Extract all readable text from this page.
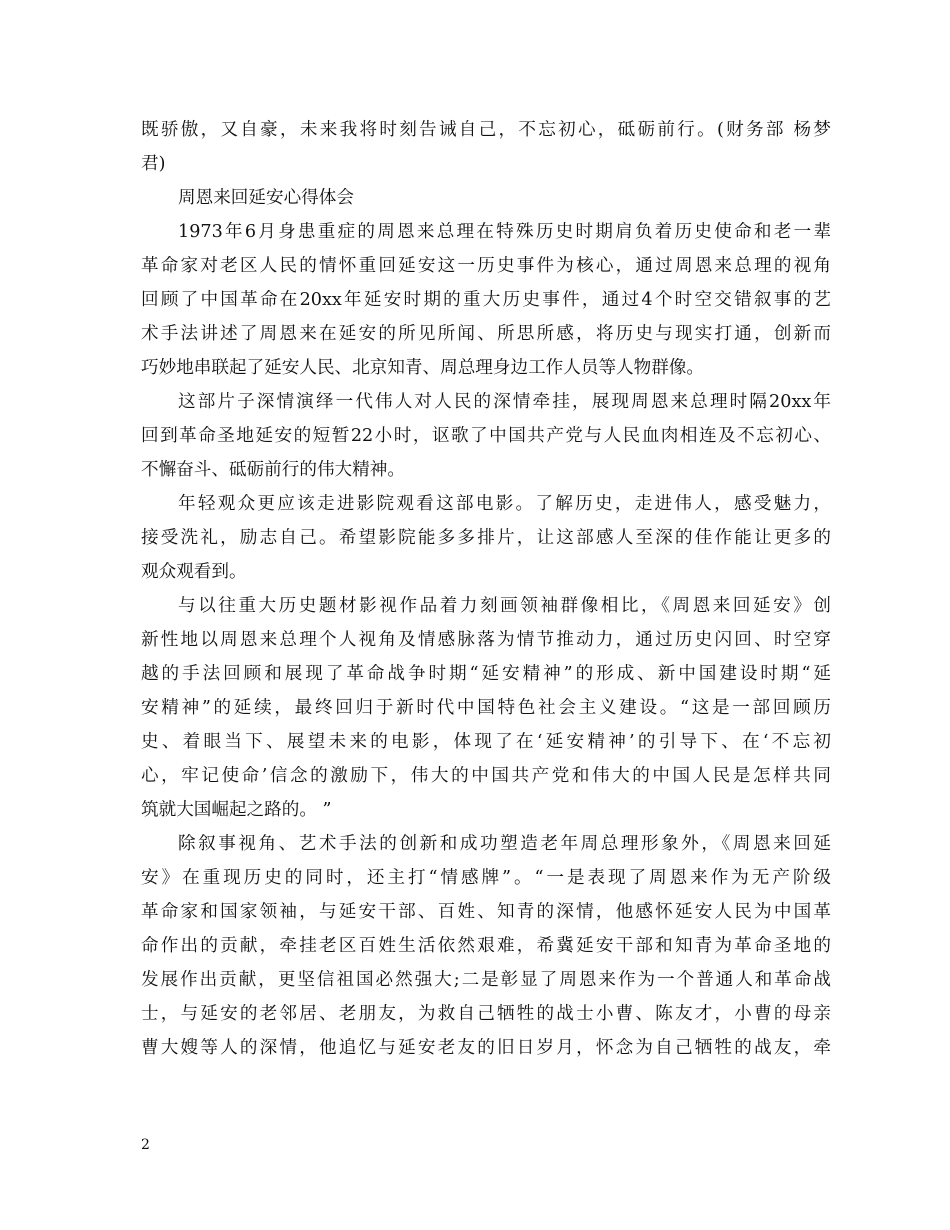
既骄傲，又自豪，未来我将时刻告诫自己，不忘初心，砥砺前行。(财务部 杨梦
君)
周恩来回延安心得体会
1973年6月身患重症的周恩来总理在特殊历史时期肩负着历史使命和老一辈
革命家对老区人民的情怀重回延安这一历史事件为核心，通过周恩来总理的视角
回顾了中国革命在20xx年延安时期的重大历史事件，通过4个时空交错叙事的艺
术手法讲述了周恩来在延安的所见所闻、所思所感，将历史与现实打通，创新而
巧妙地串联起了延安人民、北京知青、周总理身边工作人员等人物群像。
这部片子深情演绎一代伟人对人民的深情牵挂，展现周恩来总理时隔20xx年
回到革命圣地延安的短暂22小时，讴歌了中国共产党与人民血肉相连及不忘初心、
不懈奋斗、砥砺前行的伟大精神。
年轻观众更应该走进影院观看这部电影。了解历史，走进伟人，感受魅力，
接受洗礼，励志自己。希望影院能多多排片，让这部感人至深的佳作能让更多的
观众观看到。
与以往重大历史题材影视作品着力刻画领袖群像相比，《周恩来回延安》创
新性地以周恩来总理个人视角及情感脉落为情节推动力，通过历史闪回、时空穿
越的手法回顾和展现了革命战争时期“延安精神”的形成、新中国建设时期“延
安精神”的延续，最终回归于新时代中国特色社会主义建设。“这是一部回顾历
史、着眼当下、展望未来的电影，体现了在‘延安精神’的引导下、在‘不忘初
心，牢记使命’信念的激励下，伟大的中国共产党和伟大的中国人民是怎样共同
筑就大国崛起之路的。 ”
除叙事视角、艺术手法的创新和成功塑造老年周总理形象外，《周恩来回延
安》在重现历史的同时，还主打“情感牌”。“一是表现了周恩来作为无产阶级
革命家和国家领袖，与延安干部、百姓、知青的深情，他感怀延安人民为中国革
命作出的贡献，牵挂老区百姓生活依然艰难，希冀延安干部和知青为革命圣地的
发展作出贡献，更坚信祖国必然强大;二是彰显了周恩来作为一个普通人和革命战
士，与延安的老邻居、老朋友，为救自己牺牲的战士小曹、陈友才，小曹的母亲
曹大嫂等人的深情，他追忆与延安老友的旧日岁月，怀念为自己牺牲的战友，牵
2
